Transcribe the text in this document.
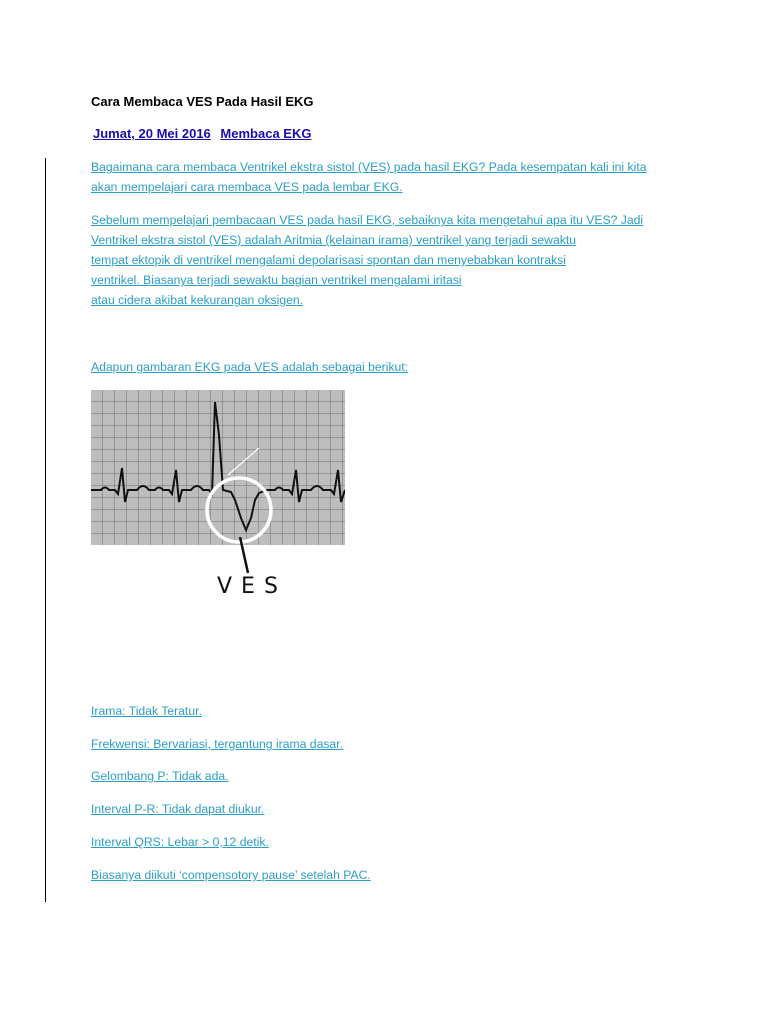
Cara Membaca VES Pada Hasil EKG
Jumat, 20 Mei 2016 Membaca EKG
Bagaimana cara membaca Ventrikel ekstra sistol (VES) pada hasil EKG? Pada kesempatan kali ini kita
akan mempelajari cara membaca VES pada lembar EKG.
Sebelum mempelajari pembacaan VES pada hasil EKG, sebaiknya kita mengetahui apa itu VES? Jadi
Ventrikel ekstra sistol (VES) adalah Aritmia (kelainan irama) ventrikel yang terjadi sewaktu
tempat ektopik di ventrikel mengalami depolarisasi spontan dan menyebabkan kontraksi
ventrikel. Biasanya terjadi sewaktu bagian ventrikel mengalami iritasi
atau cidera akibat kekurangan oksigen.
Adapun gambaran EKG pada VES adalah sebagai berikut:
VES
Irama: Tidak Teratur.
Frekwensi: Bervariasi, tergantung irama dasar.
Gelombang P: Tidak ada.
Interval P-R: Tidak dapat diukur.
Interval QRS: Lebar > 0,12 detik.
Biasanya diikuti ‘compensotory pause’ setelah PAC.
